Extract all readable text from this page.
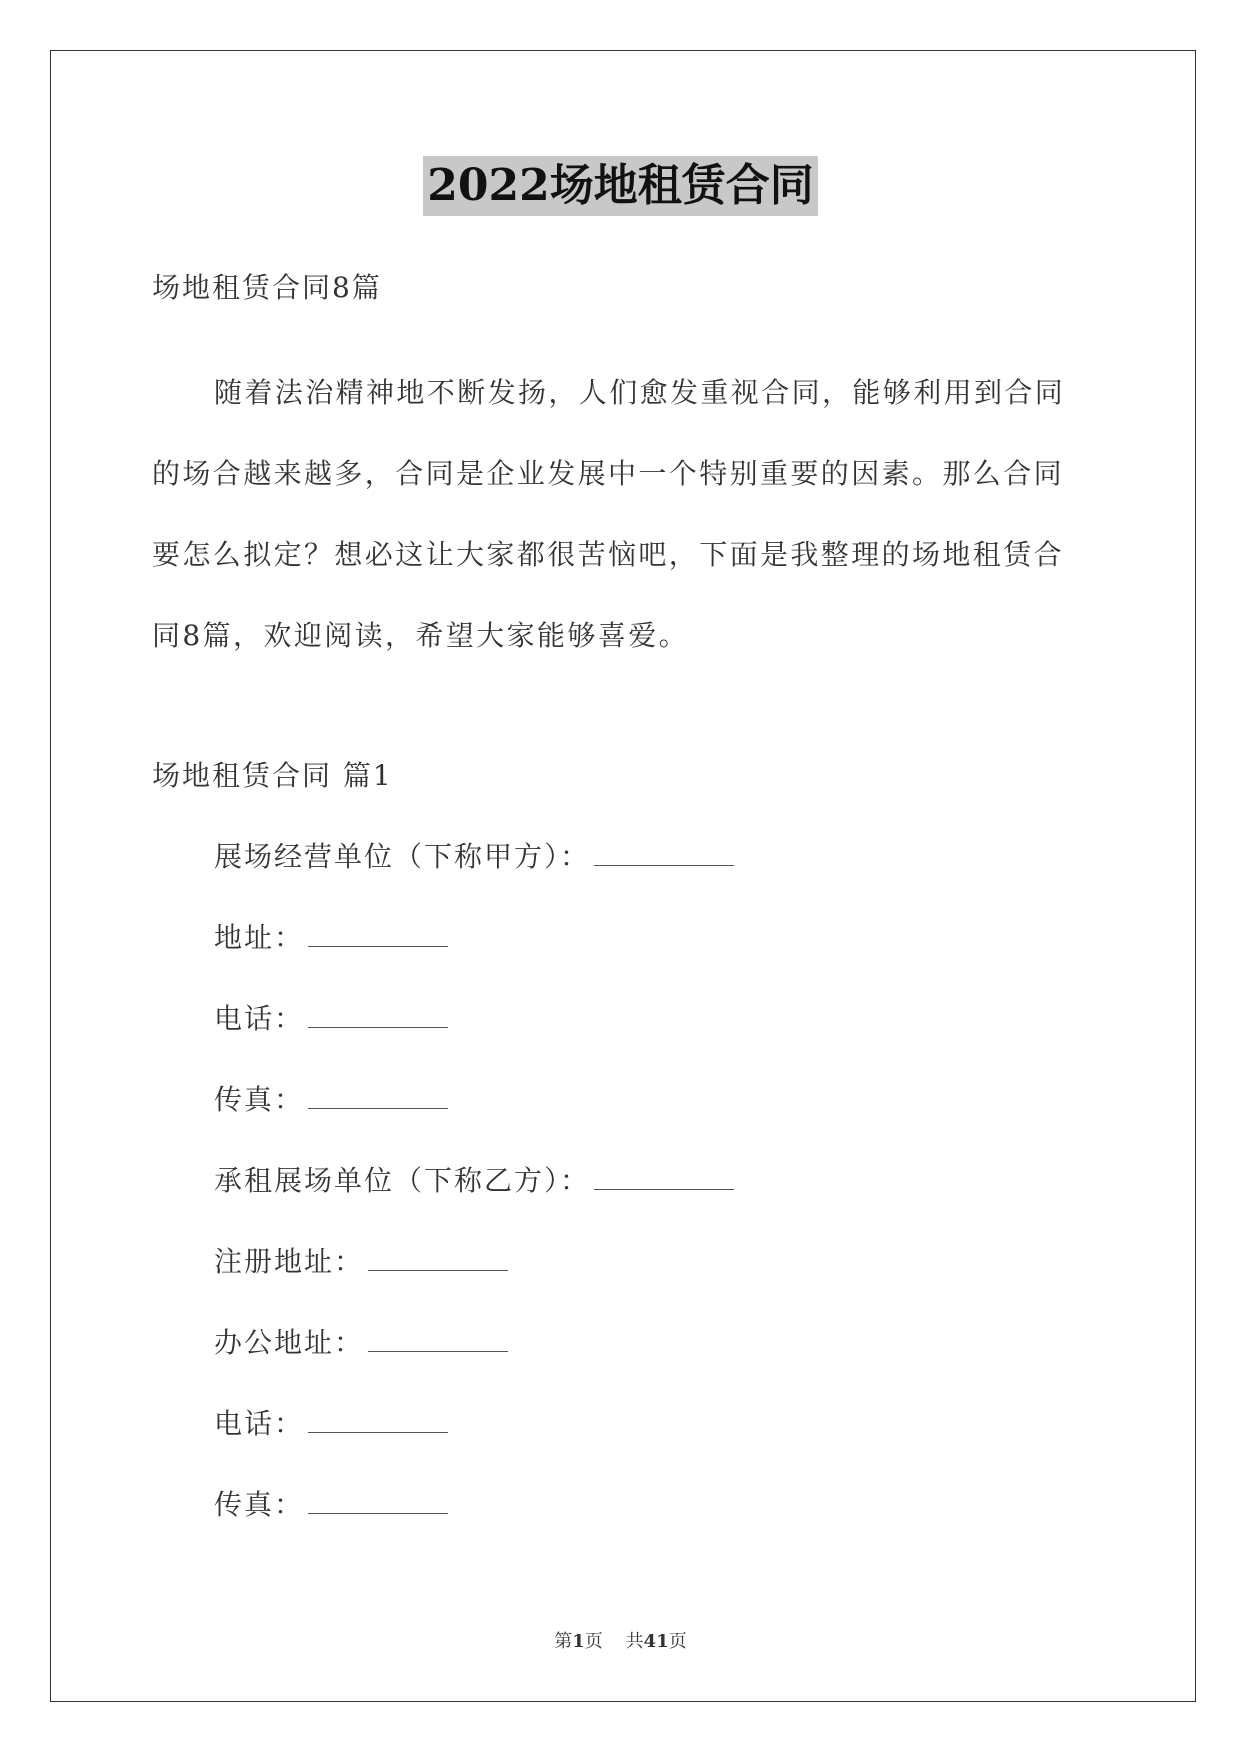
2022场地租赁合同
场地租赁合同8篇
随着法治精神地不断发扬，人们愈发重视合同，能够利用到合同的场合越来越多，合同是企业发展中一个特别重要的因素。那么合同要怎么拟定？想必这让大家都很苦恼吧，下面是我整理的场地租赁合同8篇，欢迎阅读，希望大家能够喜爱。
场地租赁合同 篇1
展场经营单位（下称甲方）：
地址：
电话：
传真：
承租展场单位（下称乙方）：
注册地址：
办公地址：
电话：
传真：
第1页 共41页
